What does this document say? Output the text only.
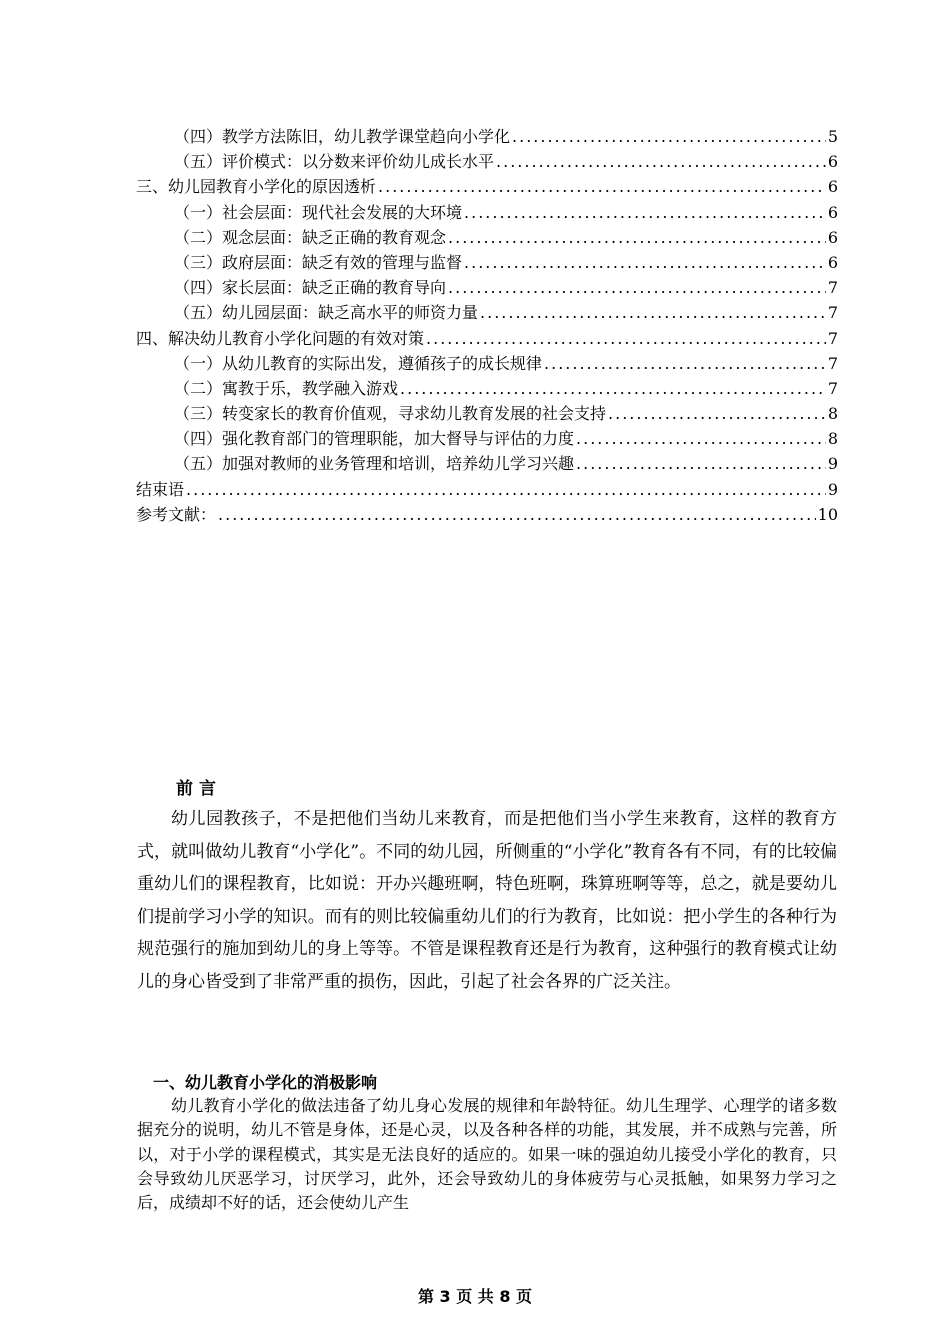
（四）教学方法陈旧，幼儿教学课堂趋向小学化 .....	5
（五）评价模式：以分数来评价幼儿成长水平 .....	6
三、幼儿园教育小学化的原因透析 .....	6
（一）社会层面：现代社会发展的大环境 .....	6
（二）观念层面：缺乏正确的教育观念 .....	6
（三）政府层面：缺乏有效的管理与监督 .....	6
（四）家长层面：缺乏正确的教育导向 .....	7
（五）幼儿园层面：缺乏高水平的师资力量 .....	7
四、解决幼儿教育小学化问题的有效对策 .....	7
（一）从幼儿教育的实际出发，遵循孩子的成长规律 .....	7
（二）寓教于乐，教学融入游戏 .....	7
（三）转变家长的教育价值观，寻求幼儿教育发展的社会支持 .....	8
（四）强化教育部门的管理职能，加大督导与评估的力度 .....	8
（五）加强对教师的业务管理和培训，培养幼儿学习兴趣 .....	9
结束语 .....	9
参考文献： .....	10
前言
幼儿园教孩子，不是把他们当幼儿来教育，而是把他们当小学生来教育，这样的教育方式，就叫做幼儿教育“小学化”。不同的幼儿园，所侧重的“小学化”教育各有不同，有的比较偏重幼儿们的课程教育，比如说：开办兴趣班啊，特色班啊，珠算班啊等等，总之，就是要幼儿们提前学习小学的知识。而有的则比较偏重幼儿们的行为教育，比如说：把小学生的各种行为规范强行的施加到幼儿的身上等等。不管是课程教育还是行为教育，这种强行的教育模式让幼儿的身心皆受到了非常严重的损伤，因此，引起了社会各界的广泛关注。
一、幼儿教育小学化的消极影响
幼儿教育小学化的做法违备了幼儿身心发展的规律和年龄特征。幼儿生理学、心理学的诸多数据充分的说明，幼儿不管是身体，还是心灵，以及各种各样的功能，其发展，并不成熟与完善，所以，对于小学的课程模式，其实是无法良好的适应的。如果一味的强迫幼儿接受小学化的教育，只会导致幼儿厌恶学习，讨厌学习，此外，还会导致幼儿的身体疲劳与心灵抵触，如果努力学习之后，成绩却不好的话，还会使幼儿产生
第 3 页 共 8 页
